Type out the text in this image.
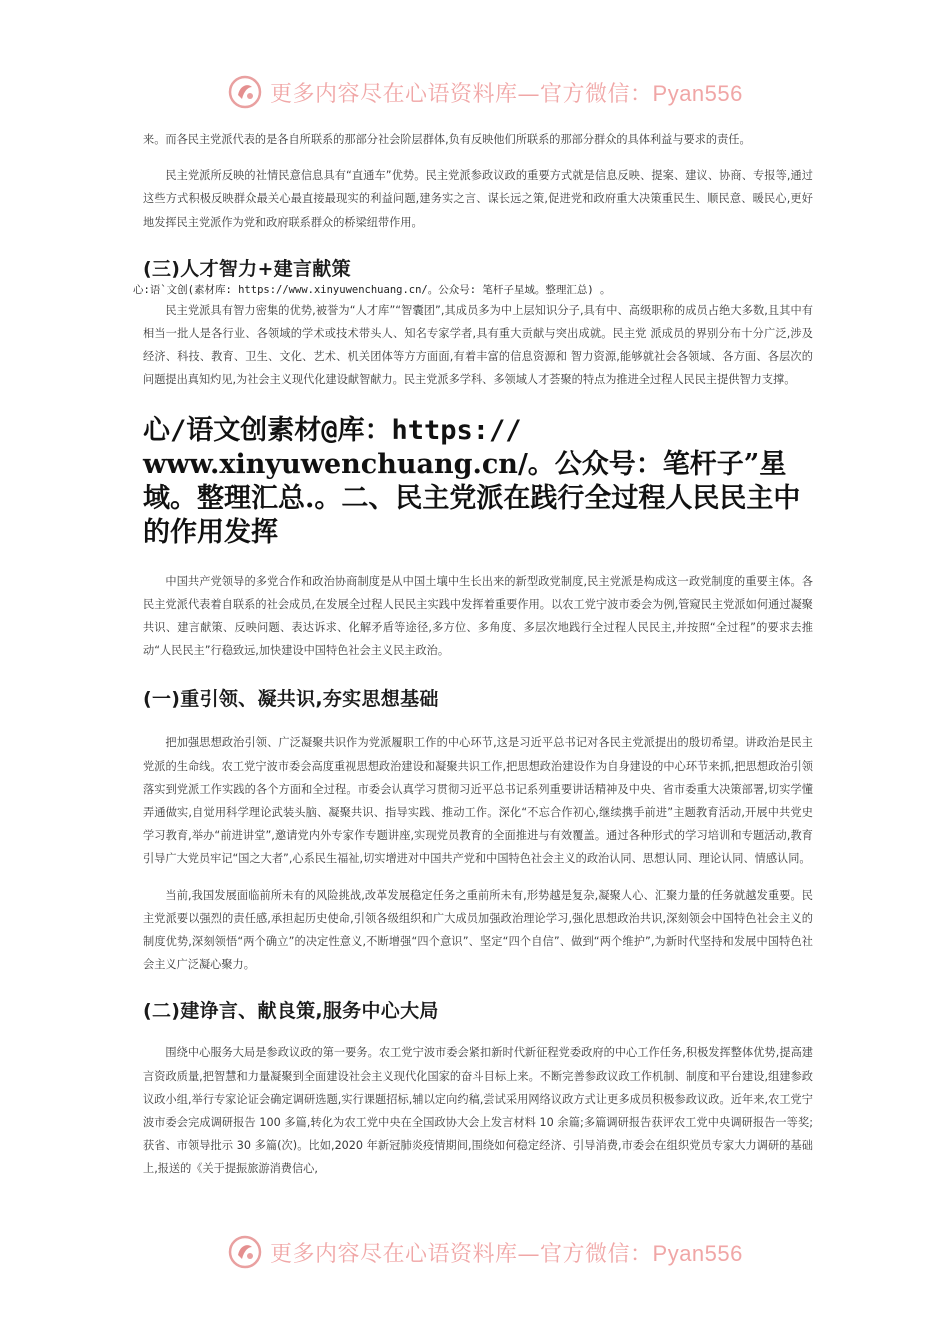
更多内容尽在心语资料库—官方微信：Pyan556

来。而各民主党派代表的是各自所联系的那部分社会阶层群体,负有反映他们所联系的那部分群众的具体利益与要求的责任。

民主党派所反映的社情民意信息具有“直通车”优势。民主党派参政议政的重要方式就是信息反映、提案、建议、协商、专报等,通过这些方式积极反映群众最关心最直接最现实的利益问题,建务实之言、谋长远之策,促进党和政府重大决策重民生、顺民意、暖民心,更好地发挥民主党派作为党和政府联系群众的桥梁纽带作用。

(三)人才智力+建言献策
心:语`文创(素材库: https://www.xinyuwenchuang.cn/。公众号: 笔杆子星域。整理汇总) 。

民主党派具有智力密集的优势,被誉为“人才库”“智囊团”,其成员多为中上层知识分子,具有中、高级职称的成员占绝大多数,且其中有相当一批人是各行业、各领域的学术或技术带头人、知名专家学者,具有重大贡献与突出成就。民主党 派成员的界别分布十分广泛,涉及经济、科技、教育、卫生、文化、艺术、机关团体等方方面面,有着丰富的信息资源和 智力资源,能够就社会各领域、各方面、各层次的问题提出真知灼见,为社会主义现代化建设献智献力。民主党派多学科、多领域人才荟聚的特点为推进全过程人民民主提供智力支撑。

心/语文创素材@库：https://
www.xinyuwenchuang.cn/。公众号：笔杆子”星域。整理汇总.。二、民主党派在践行全过程人民民主中的作用发挥

中国共产党领导的多党合作和政治协商制度是从中国土壤中生长出来的新型政党制度,民主党派是构成这一政党制度的重要主体。各民主党派代表着自联系的社会成员,在发展全过程人民民主实践中发挥着重要作用。以农工党宁波市委会为例,管窥民主党派如何通过凝聚共识、建言献策、反映问题、表达诉求、化解矛盾等途径,多方位、多角度、多层次地践行全过程人民民主,并按照“全过程”的要求去推动“人民民主”行稳致远,加快建设中国特色社会主义民主政治。

(一)重引领、凝共识,夯实思想基础

把加强思想政治引领、广泛凝聚共识作为党派履职工作的中心环节,这是习近平总书记对各民主党派提出的殷切希望。讲政治是民主党派的生命线。农工党宁波市委会高度重视思想政治建设和凝聚共识工作,把思想政治建设作为自身建设的中心环节来抓,把思想政治引领落实到党派工作实践的各个方面和全过程。市委会认真学习贯彻习近平总书记系列重要讲话精神及中央、省市委重大决策部署,切实学懂弄通做实,自觉用科学理论武装头脑、凝聚共识、指导实践、推动工作。深化“不忘合作初心,继续携手前进”主题教育活动,开展中共党史学习教育,举办“前进讲堂”,邀请党内外专家作专题讲座,实现党员教育的全面推进与有效覆盖。通过各种形式的学习培训和专题活动,教育引导广大党员牢记“国之大者”,心系民生福祉,切实增进对中国共产党和中国特色社会主义的政治认同、思想认同、理论认同、情感认同。

当前,我国发展面临前所未有的风险挑战,改革发展稳定任务之重前所未有,形势越是复杂,凝聚人心、汇聚力量的任务就越发重要。民主党派要以强烈的责任感,承担起历史使命,引领各级组织和广大成员加强政治理论学习,强化思想政治共识,深刻领会中国特色社会主义的制度优势,深刻领悟“两个确立”的决定性意义,不断增强“四个意识”、坚定“四个自信”、做到“两个维护”,为新时代坚持和发展中国特色社会主义广泛凝心聚力。

(二)建诤言、献良策,服务中心大局

围绕中心服务大局是参政议政的第一要务。农工党宁波市委会紧扣新时代新征程党委政府的中心工作任务,积极发挥整体优势,提高建言资政质量,把智慧和力量凝聚到全面建设社会主义现代化国家的奋斗目标上来。不断完善参政议政工作机制、制度和平台建设,组建参政议政小组,举行专家论证会确定调研选题,实行课题招标,辅以定向约稿,尝试采用网络议政方式让更多成员积极参政议政。近年来,农工党宁波市委会完成调研报告 100 多篇,转化为农工党中央在全国政协大会上发言材料 10 余篇;多篇调研报告获评农工党中央调研报告一等奖;获省、市领导批示 30 多篇(次)。比如,2020 年新冠肺炎疫情期间,围绕如何稳定经济、引导消费,市委会在组织党员专家大力调研的基础上,报送的《关于提振旅游消费信心,

更多内容尽在心语资料库—官方微信：Pyan556
